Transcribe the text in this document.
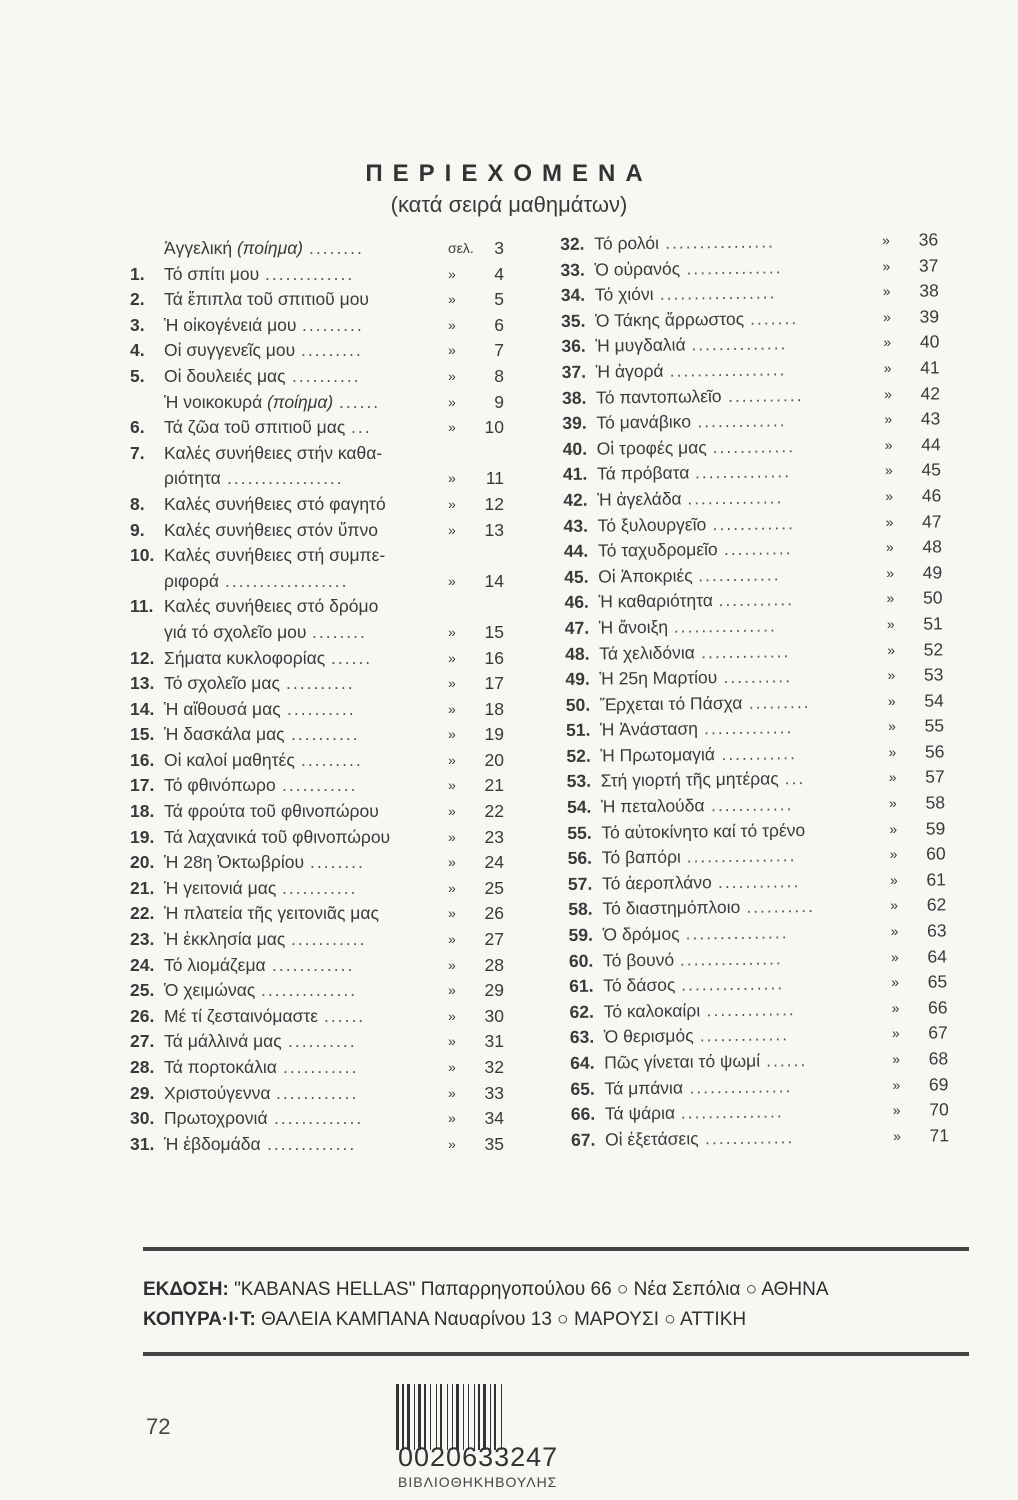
ΠΕΡΙΕΧΟΜΕΝΑ
(κατά σειρά μαθημάτων)
Ἀγγελική (ποίημα) ........	σελ.	3
1. Τό σπίτι μου .............	»	4
2. Τά ἔπιπλα τοῦ σπιτιοῦ μου	»	5
3. Ἡ οἰκογένειά μου .........	»	6
4. Οἱ συγγενεῖς μου .........	»	7
5. Οἱ δουλειές μας ..........	»	8
Ἡ νοικοκυρά (ποίημα) ......	»	9
6. Τά ζῶα τοῦ σπιτιοῦ μας ...	»	10
7. Καλές συνήθειες στήν καθα-
ριότητα .................	»	11
8. Καλές συνήθειες στό φαγητό	»	12
9. Καλές συνήθειες στόν ὕπνο	»	13
10. Καλές συνήθειες στή συμπε-
ριφορά ..................	»	14
11. Καλές συνήθειες στό δρόμο
γιά τό σχολεῖο μου ........	»	15
12. Σήματα κυκλοφορίας ......	»	16
13. Τό σχολεῖο μας ..........	»	17
14. Ἡ αἴθουσά μας ..........	»	18
15. Ἡ δασκάλα μας ..........	»	19
16. Οἱ καλοί μαθητές .........	»	20
17. Τό φθινόπωρο ...........	»	21
18. Τά φρούτα τοῦ φθινοπώρου	»	22
19. Τά λαχανικά τοῦ φθινοπώρου	»	23
20. Ἡ 28η Ὀκτωβρίου ........	»	24
21. Ἡ γειτονιά μας ...........	»	25
22. Ἡ πλατεία τῆς γειτονιᾶς μας	»	26
23. Ἡ ἐκκλησία μας ...........	»	27
24. Τό λιομάζεμα ............	»	28
25. Ὁ χειμώνας ..............	»	29
26. Μέ τί ζεσταινόμαστε ......	»	30
27. Τά μάλλινά μας ..........	»	31
28. Τά πορτοκάλια ...........	»	32
29. Χριστούγεννα ............	»	33
30. Πρωτοχρονιά .............	»	34
31. Ἡ ἑβδομάδα .............	»	35
32. Τό ρολόι ................	»	36
33. Ὁ οὐρανός ..............	»	37
34. Τό χιόνι .................	»	38
35. Ὁ Τάκης ἄρρωστος .......	»	39
36. Ἡ μυγδαλιά ..............	»	40
37. Ἡ ἀγορά .................	»	41
38. Τό παντοπωλεῖο ...........	»	42
39. Τό μανάβικο .............	»	43
40. Οἱ τροφές μας ............	»	44
41. Τά πρόβατα ..............	»	45
42. Ἡ ἀγελάδα ..............	»	46
43. Τό ξυλουργεῖο ............	»	47
44. Τό ταχυδρομεῖο ..........	»	48
45. Οἱ Ἀποκριές ............	»	49
46. Ἡ καθαριότητα ...........	»	50
47. Ἡ ἄνοιξη ...............	»	51
48. Τά χελιδόνια .............	»	52
49. Ἡ 25η Μαρτίου ..........	»	53
50. Ἔρχεται τό Πάσχα .........	»	54
51. Ἡ Ἀνάσταση .............	»	55
52. Ἡ Πρωτομαγιά ...........	»	56
53. Στή γιορτή τῆς μητέρας ...	»	57
54. Ἡ πεταλούδα ............	»	58
55. Τό αὐτοκίνητο καί τό τρένο	»	59
56. Τό βαπόρι ................	»	60
57. Τό ἀεροπλάνο ............	»	61
58. Τό διαστημόπλοιο ..........	»	62
59. Ὁ δρόμος ...............	»	63
60. Τό βουνό ...............	»	64
61. Τό δάσος ...............	»	65
62. Τό καλοκαίρι .............	»	66
63. Ὁ θερισμός .............	»	67
64. Πῶς γίνεται τό ψωμί ......	»	68
65. Τά μπάνια ...............	»	69
66. Τά ψάρια ...............	»	70
67. Οἱ ἐξετάσεις .............	»	71
ΕΚΔΟΣΗ: "KABANAS HELLAS" Παπαρρηγοπούλου 66 ○ Νέα Σεπόλια ○ ΑΘΗΝΑ
ΚΟΠΥΡΑ·Ι·Τ: ΘΑΛΕΙΑ ΚΑΜΠΑΝΑ Ναυαρίνου 13 ○ ΜΑΡΟΥΣΙ ○ ΑΤΤΙΚΗ
72
0020633247
ΒΙΒΛΙΟΘΗΚΗΒΟΥΛΗΣ
